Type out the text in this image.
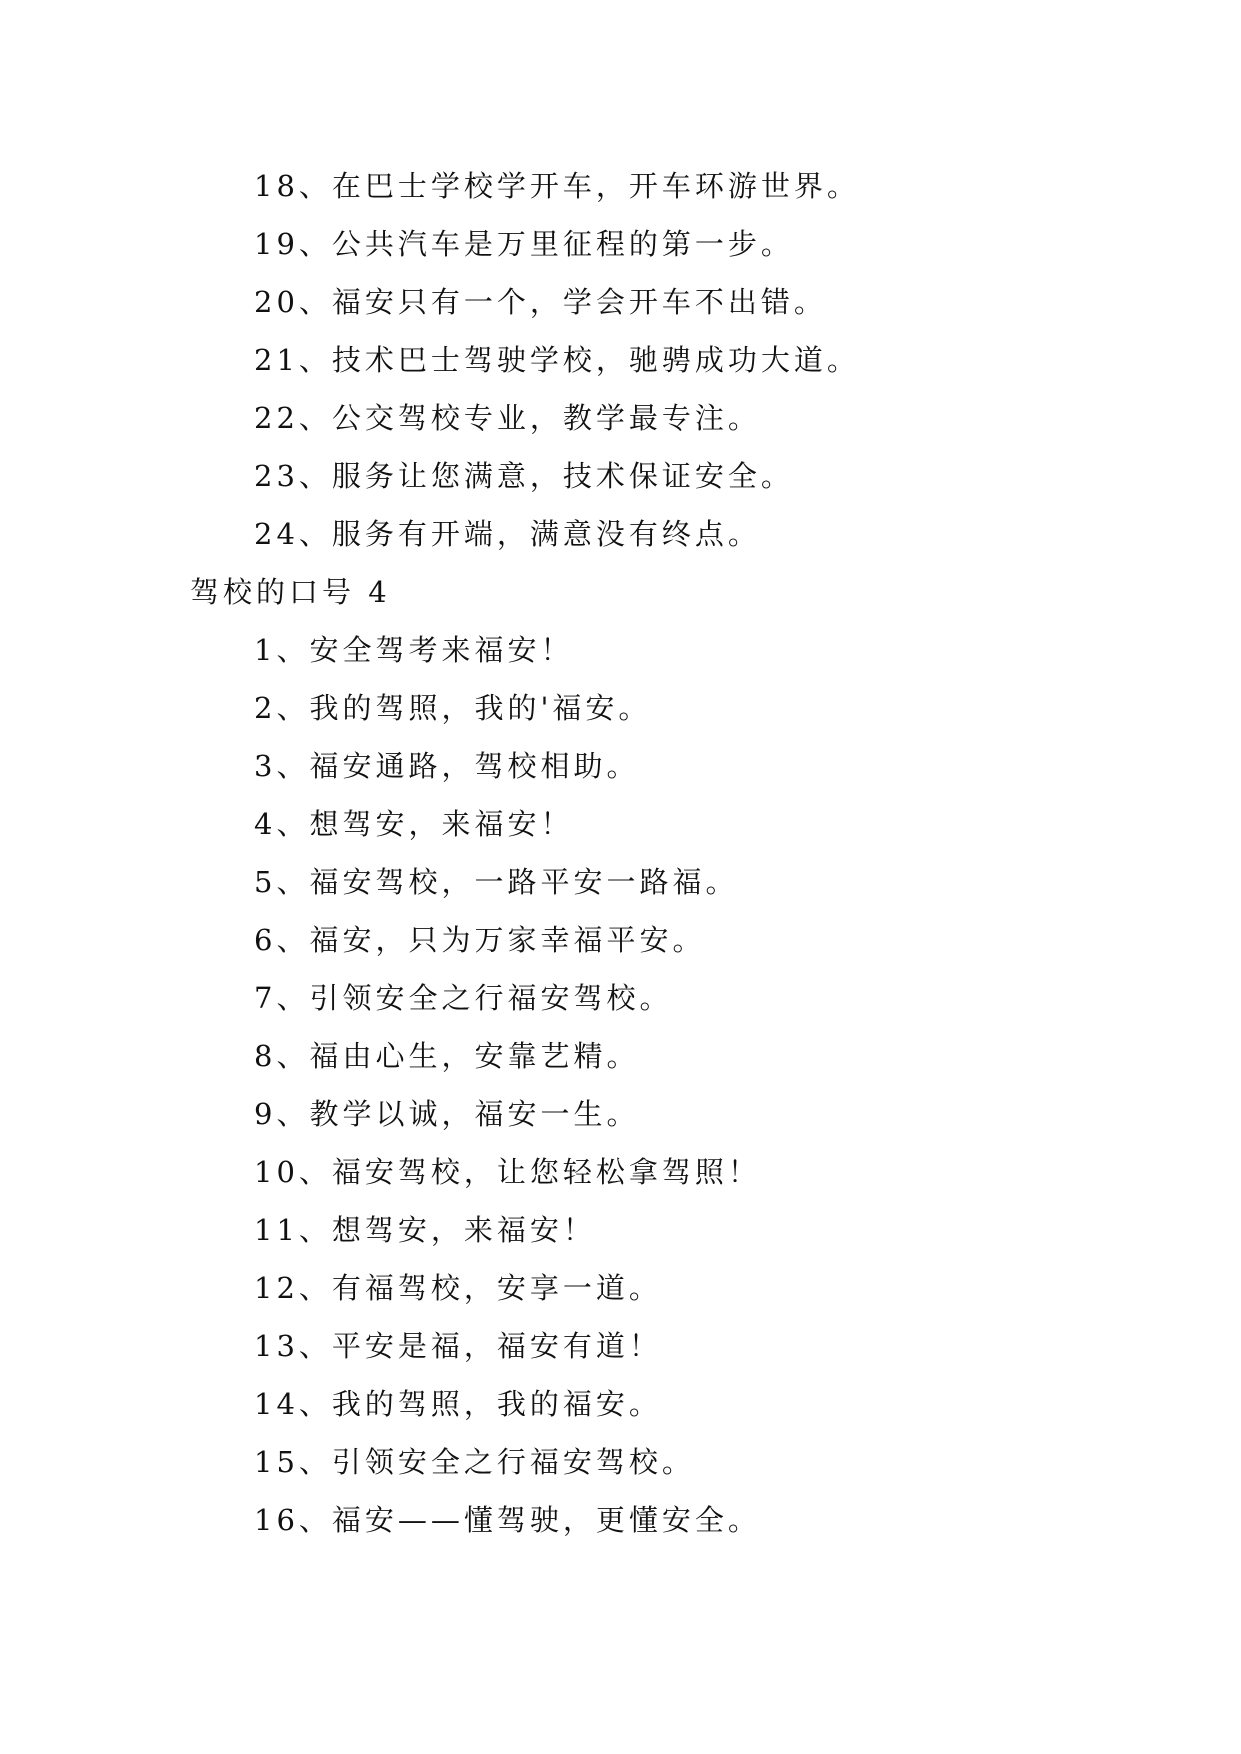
18、在巴士学校学开车，开车环游世界。
19、公共汽车是万里征程的第一步。
20、福安只有一个，学会开车不出错。
21、技术巴士驾驶学校，驰骋成功大道。
22、公交驾校专业，教学最专注。
23、服务让您满意，技术保证安全。
24、服务有开端，满意没有终点。
驾校的口号 4
1、安全驾考来福安！
2、我的驾照，我的'福安。
3、福安通路，驾校相助。
4、想驾安，来福安！
5、福安驾校，一路平安一路福。
6、福安，只为万家幸福平安。
7、引领安全之行福安驾校。
8、福由心生，安靠艺精。
9、教学以诚，福安一生。
10、福安驾校，让您轻松拿驾照！
11、想驾安，来福安！
12、有福驾校，安享一道。
13、平安是福，福安有道！
14、我的驾照，我的福安。
15、引领安全之行福安驾校。
16、福安——懂驾驶，更懂安全。
